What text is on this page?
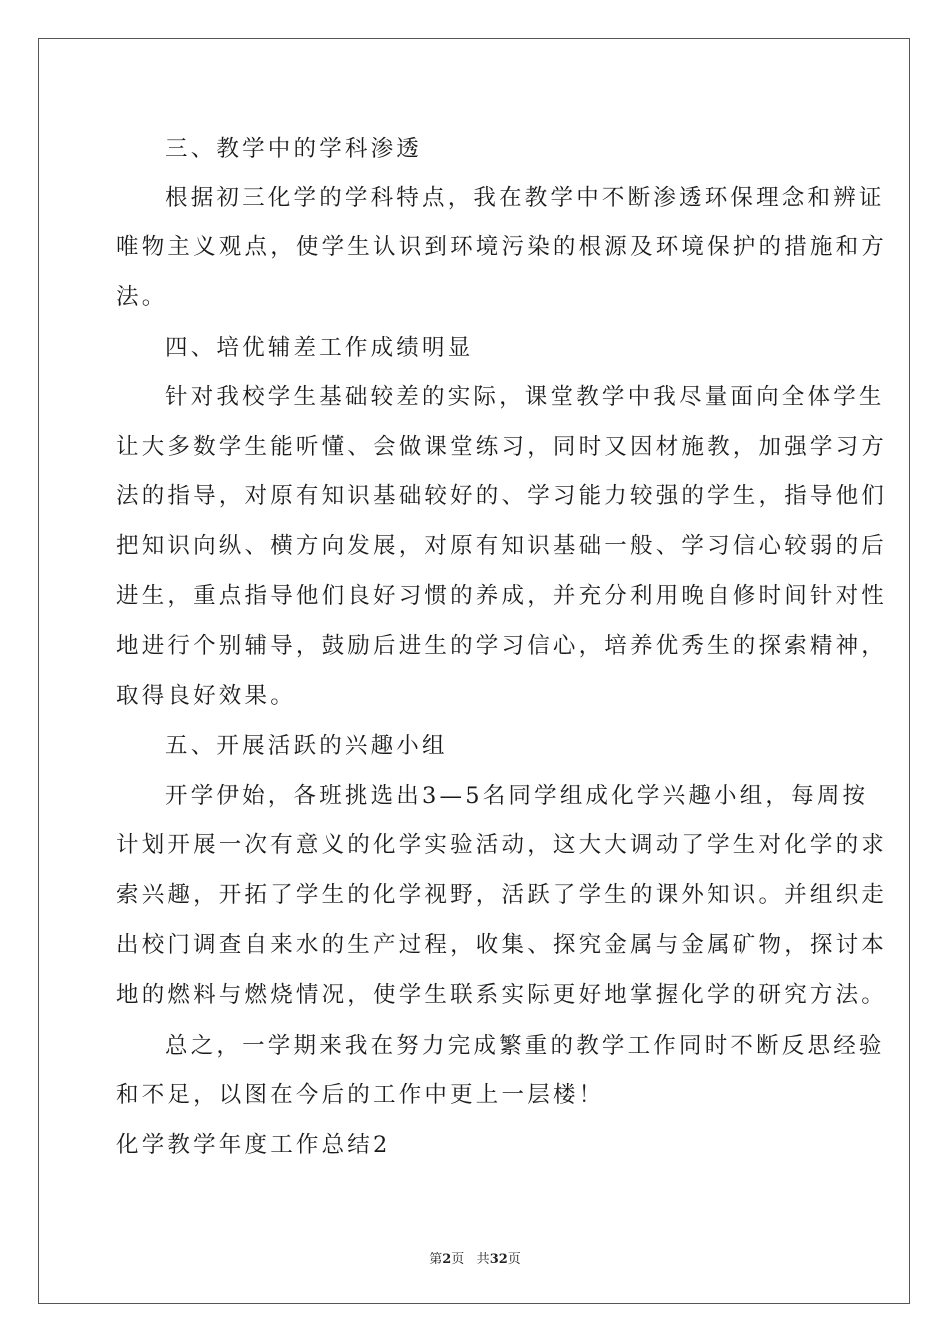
三、教学中的学科渗透
根据初三化学的学科特点，我在教学中不断渗透环保理念和辨证
唯物主义观点，使学生认识到环境污染的根源及环境保护的措施和方
法。
四、培优辅差工作成绩明显
针对我校学生基础较差的实际，课堂教学中我尽量面向全体学生
让大多数学生能听懂、会做课堂练习，同时又因材施教，加强学习方
法的指导，对原有知识基础较好的、学习能力较强的学生，指导他们
把知识向纵、横方向发展，对原有知识基础一般、学习信心较弱的后
进生，重点指导他们良好习惯的养成，并充分利用晚自修时间针对性
地进行个别辅导，鼓励后进生的学习信心，培养优秀生的探索精神，
取得良好效果。
五、开展活跃的兴趣小组
开学伊始，各班挑选出3—5名同学组成化学兴趣小组，每周按
计划开展一次有意义的化学实验活动，这大大调动了学生对化学的求
索兴趣，开拓了学生的化学视野，活跃了学生的课外知识。并组织走
出校门调查自来水的生产过程，收集、探究金属与金属矿物，探讨本
地的燃料与燃烧情况，使学生联系实际更好地掌握化学的研究方法。
总之，一学期来我在努力完成繁重的教学工作同时不断反思经验
和不足，以图在今后的工作中更上一层楼！
化学教学年度工作总结2
第2页 共32页
